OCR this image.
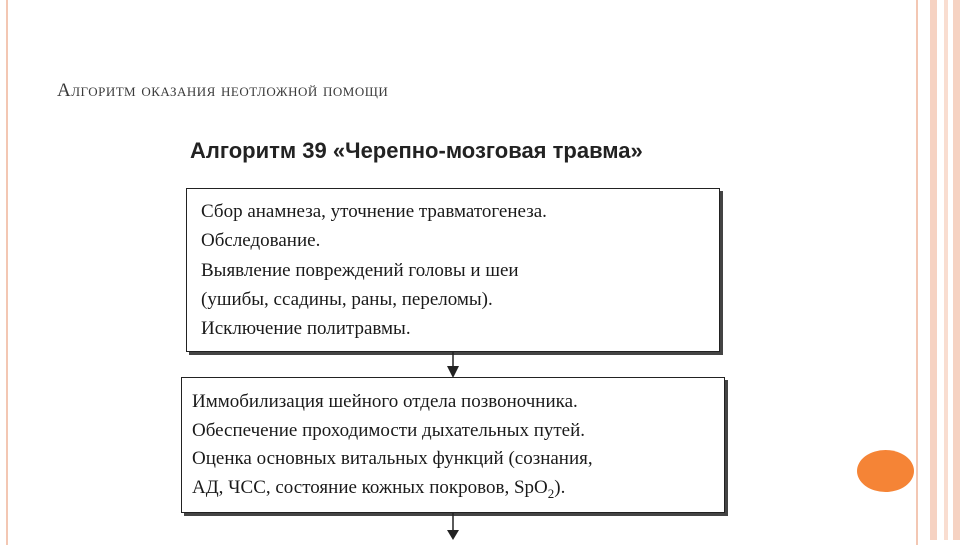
Алгоритм оказания неотложной помощи
Алгоритм 39 «Черепно-мозговая травма»

Сбор анамнеза, уточнение травматогенеза.

Обследование.

Выявление повреждений головы и шеи

(ушибы, ссадины, раны, переломы).

Исключение политравмы.

Иммобилизация шейного отдела позвоночника.

Обеспечение проходимости дыхательных путей.

Оценка основных витальных функций (сознания,

АД, ЧСС, состояние кожных покровов, SpO$_2$).
